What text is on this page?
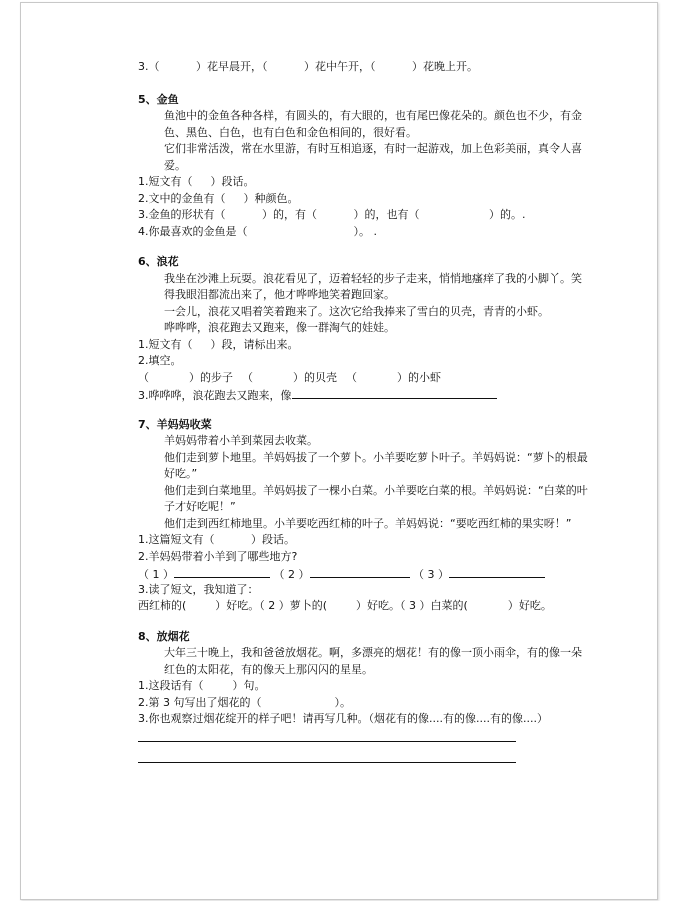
3.（ 　　　）花早晨开，（ 　　　）花中午开，（ 　　　）花晚上开。
5、金鱼
鱼池中的金鱼各种各样，有圆头的，有大眼的，也有尾巴像花朵的。颜色也不少，有金色、黑色、白色，也有白色和金色相间的，很好看。
它们非常活泼，常在水里游，有时互相追逐，有时一起游戏，加上色彩美丽，真令人喜爱。
1.短文有（ 　 ）段话。
2.文中的金鱼有（ 　 ）种颜色。
3.金鱼的形状有（ 　　　）的，有（ 　　　）的，也有（ 　　　　　　）的。.
4.你最喜欢的金鱼是（ 　　　　　　　　　 ）。 .
6、浪花
我坐在沙滩上玩耍。浪花看见了，迈着轻轻的步子走来，悄悄地瘙痒了我的小脚丫。笑得我眼泪都流出来了，他才哗哗地笑着跑回家。
一会儿，浪花又唱着笑着跑来了。这次它给我捧来了雪白的贝壳，青青的小虾。
哗哗哗，浪花跑去又跑来，像一群淘气的娃娃。
1.短文有（ 　 ）段，请标出来。
2.填空。
（ 　　　 ）的步子 　（ 　　　 ）的贝壳 　（ 　　　 ）的小虾
3.哗哗哗，浪花跑去又跑来，像
7、羊妈妈收菜
羊妈妈带着小羊到菜园去收菜。
他们走到萝卜地里。羊妈妈拔了一个萝卜。小羊要吃萝卜叶子。羊妈妈说：“萝卜的根最好吃。”
他们走到白菜地里。羊妈妈拔了一棵小白菜。小羊要吃白菜的根。羊妈妈说：“白菜的叶子才好吃呢！”
他们走到西红柿地里。小羊要吃西红柿的叶子。羊妈妈说：“要吃西红柿的果实呀！”
1.这篇短文有（ 　　　）段话。
2.羊妈妈带着小羊到了哪些地方?
（ 1 ）	（ 2 ）	（ 3 ）
3.读了短文，我知道了：
西红柿的( 　　 ）好吃。（ 2 ）萝卜的( 　　 ）好吃。（ 3 ）白菜的( 　　　 ）好吃。
8、放烟花
大年三十晚上，我和爸爸放烟花。啊，多漂亮的烟花！有的像一顶小雨伞，有的像一朵红色的太阳花，有的像天上那闪闪的星星。
1.这段话有（ 　　 ）句。
2.第 3 句写出了烟花的（ 　　　　　　 ）。
3.你也观察过烟花绽开的样子吧！请再写几种。（烟花有的像....有的像....有的像....）
